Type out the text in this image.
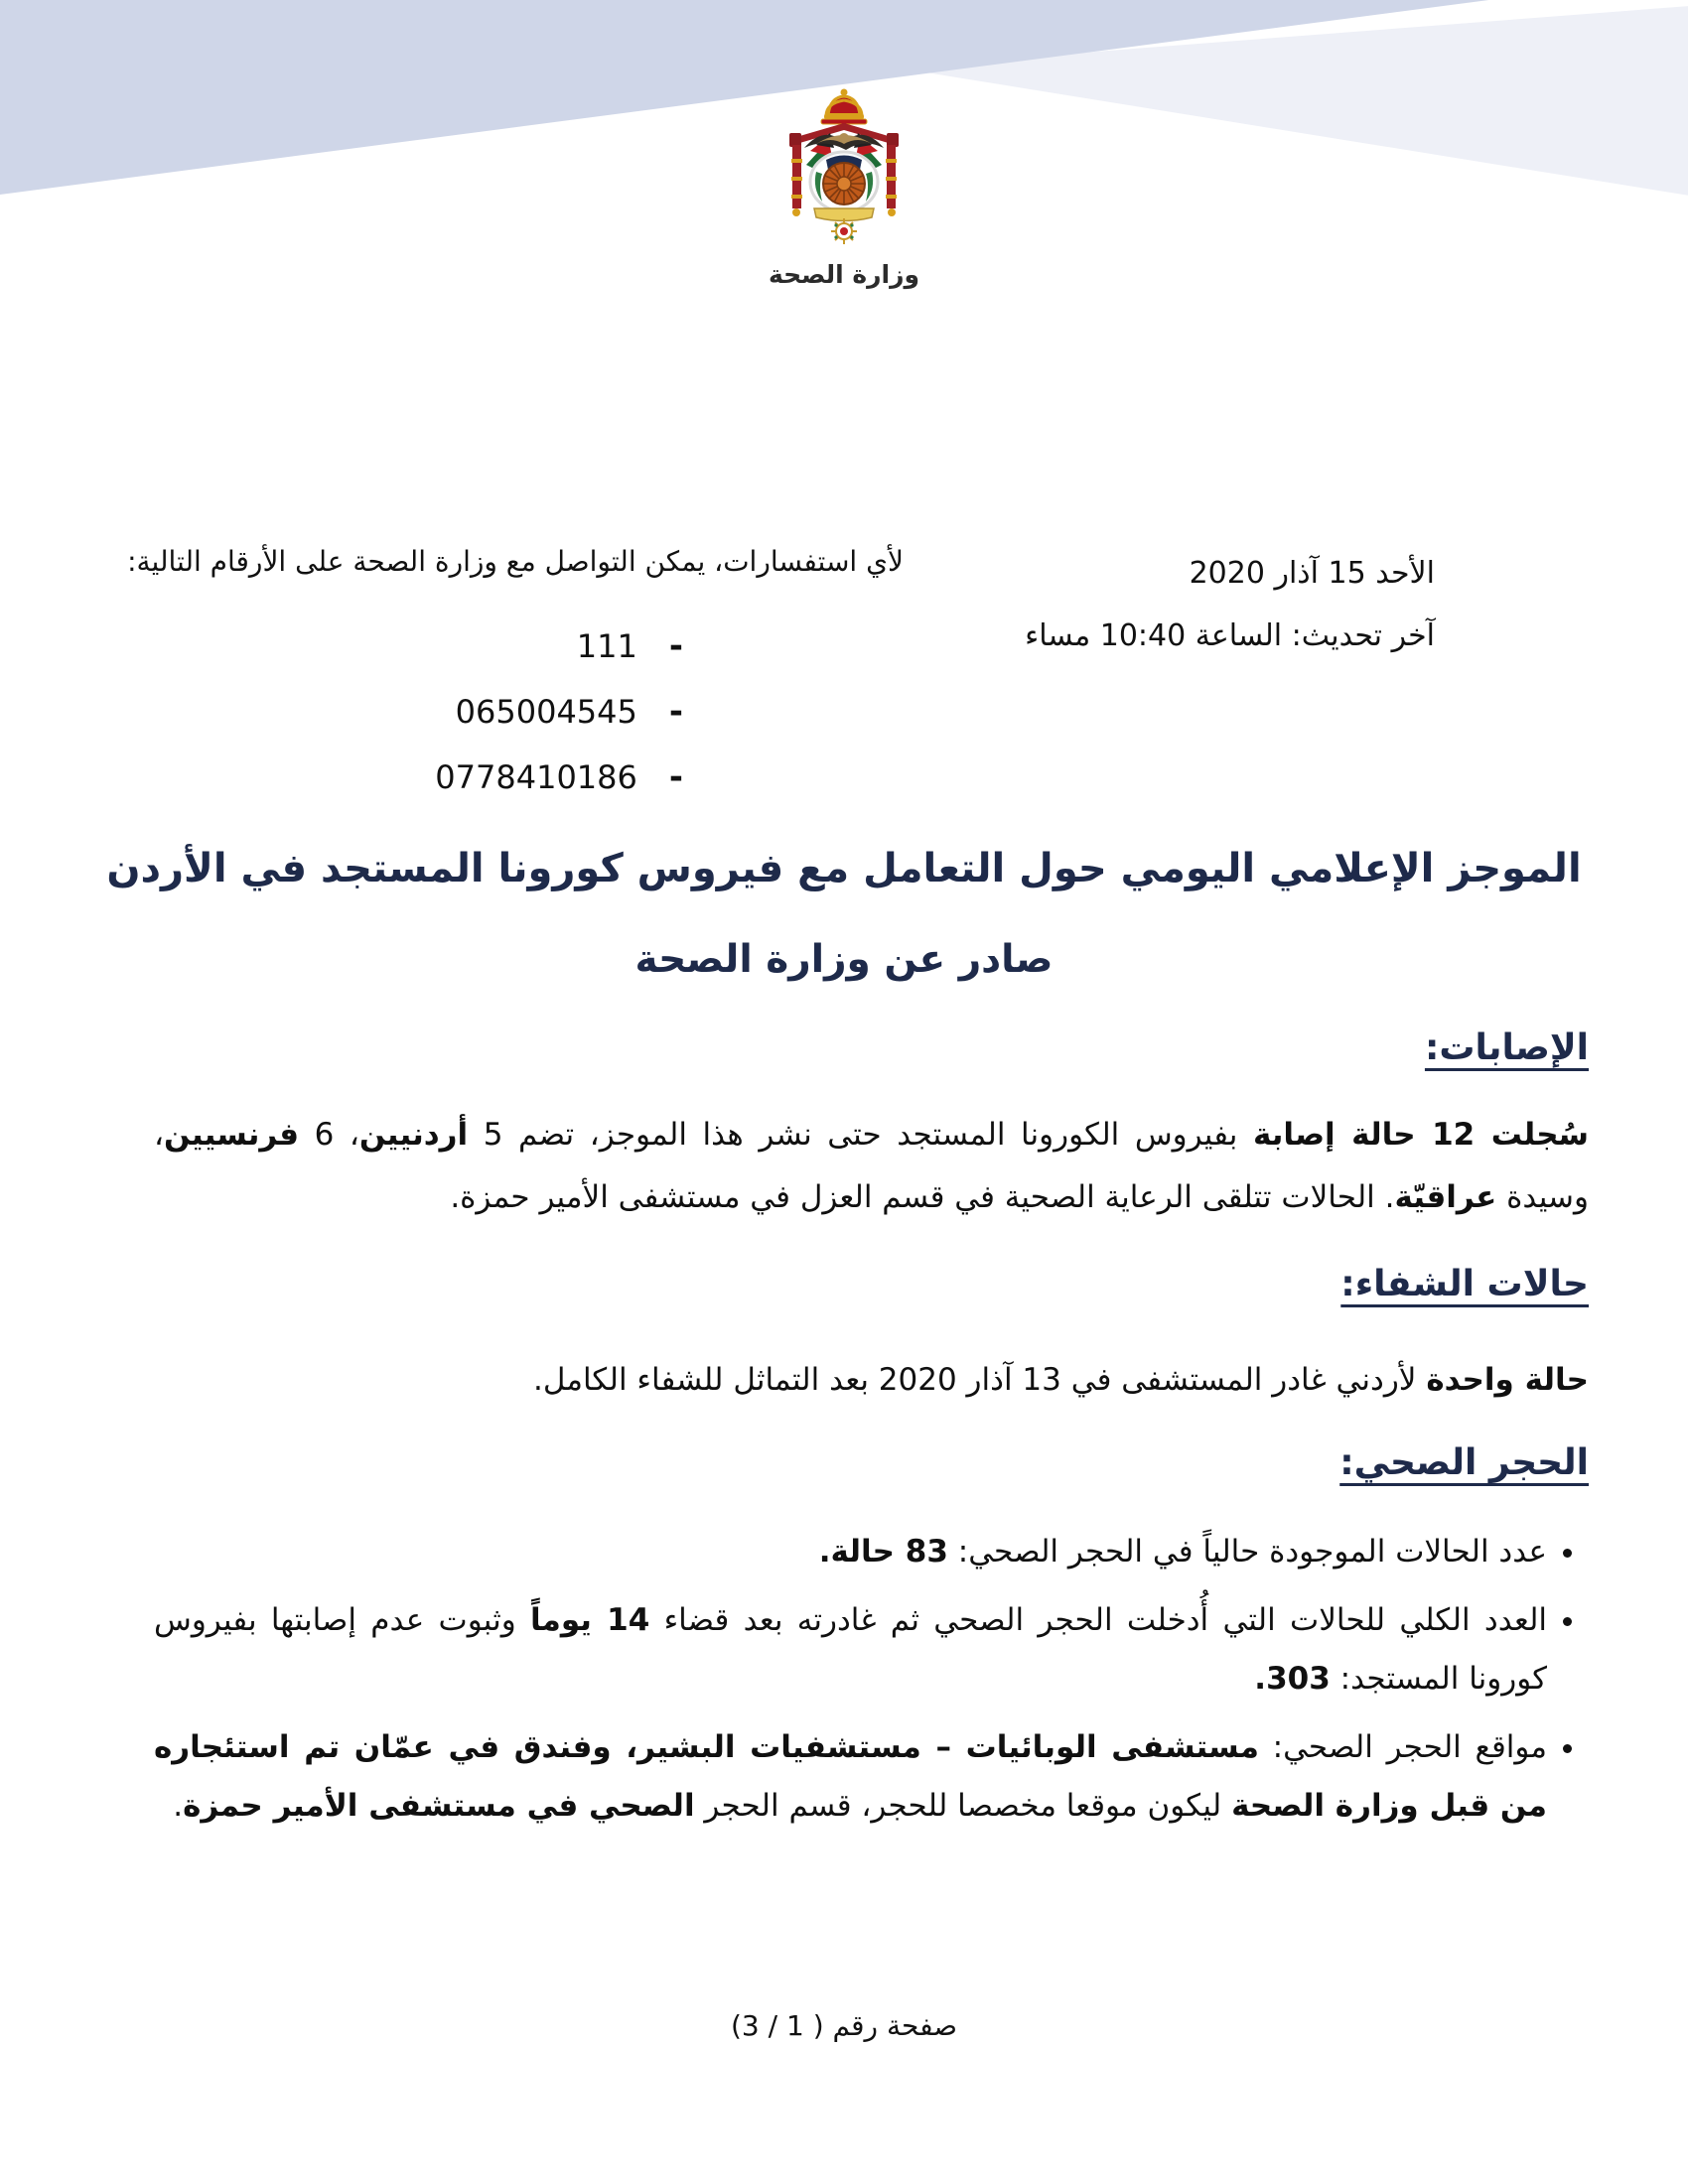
وزارة الصحة
الأحد 15 آذار 2020
آخر تحديث: الساعة 10:40 مساء
لأي استفسارات، يمكن التواصل مع وزارة الصحة على الأرقام التالية:
111 -
065004545 -
0778410186 -
الموجز الإعلامي اليومي حول التعامل مع فيروس كورونا المستجد في الأردن
صادر عن وزارة الصحة
الإصابات:
سُجلت 12 حالة إصابة بفيروس الكورونا المستجد حتى نشر هذا الموجز، تضم 5 أردنيين، 6 فرنسيين، وسيدة عراقيّة. الحالات تتلقى الرعاية الصحية في قسم العزل في مستشفى الأمير حمزة.
حالات الشفاء:
حالة واحدة لأردني غادر المستشفى في 13 آذار 2020 بعد التماثل للشفاء الكامل.
الحجر الصحي:
• عدد الحالات الموجودة حالياً في الحجر الصحي: 83 حالة.
• العدد الكلي للحالات التي أُدخلت الحجر الصحي ثم غادرته بعد قضاء 14 يوماً وثبوت عدم إصابتها بفيروس كورونا المستجد: 303.
• مواقع الحجر الصحي: مستشفى الوبائيات – مستشفيات البشير، وفندق في عمّان تم استئجاره من قبل وزارة الصحة ليكون موقعا مخصصا للحجر، قسم الحجر الصحي في مستشفى الأمير حمزة.
صفحة رقم ( 1 / 3)
